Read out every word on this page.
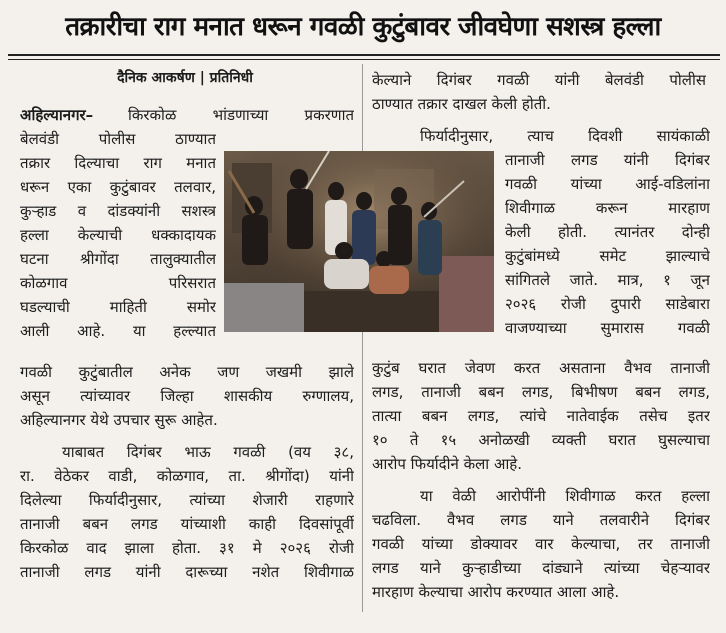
तक्रारीचा राग मनात धरून गवळी कुटुंबावर जीवघेणा सशस्त्र हल्ला
दैनिक आकर्षण | प्रतिनिधी
अहिल्यानगर– किरकोळ भांडणाच्या प्रकरणात
बेलवंडी पोलीस ठाण्यात
तक्रार दिल्याचा राग मनात
धरून एका कुटुंबावर तलवार,
कुऱ्हाड व दांडक्यांनी सशस्त्र
हल्ला केल्याची धक्कादायक
घटना श्रीगोंदा तालुक्यातील
कोळगाव परिसरात
घडल्याची माहिती समोर
आली आहे. या हल्ल्यात
गवळी कुटुंबातील अनेक जण जखमी झाले
असून त्यांच्यावर जिल्हा शासकीय रुग्णालय,
अहिल्यानगर येथे उपचार सुरू आहेत.
याबाबत दिगंबर भाऊ गवळी (वय ३८,
रा. वेठेकर वाडी, कोळगाव, ता. श्रीगोंदा) यांनी
दिलेल्या फिर्यादीनुसार, त्यांच्या शेजारी राहणारे
तानाजी बबन लगड यांच्याशी काही दिवसांपूर्वी
किरकोळ वाद झाला होता. ३१ मे २०२६ रोजी
तानाजी लगड यांनी दारूच्या नशेत शिवीगाळ
केल्याने दिगंबर गवळी यांनी बेलवंडी पोलीस
ठाण्यात तक्रार दाखल केली होती.
फिर्यादीनुसार, त्याच दिवशी सायंकाळी
तानाजी लगड यांनी दिगंबर
गवळी यांच्या आई-वडिलांना
शिवीगाळ करून मारहाण
केली होती. त्यानंतर दोन्ही
कुटुंबांमध्ये समेट झाल्याचे
सांगितले जाते. मात्र, १ जून
२०२६ रोजी दुपारी साडेबारा
वाजण्याच्या सुमारास गवळी
कुटुंब घरात जेवण करत असताना वैभव तानाजी
लगड, तानाजी बबन लगड, बिभीषण बबन लगड,
तात्या बबन लगड, त्यांचे नातेवाईक तसेच इतर
१० ते १५ अनोळखी व्यक्ती घरात घुसल्याचा
आरोप फिर्यादीने केला आहे.
या वेळी आरोपींनी शिवीगाळ करत हल्ला
चढविला. वैभव लगड याने तलवारीने दिगंबर
गवळी यांच्या डोक्यावर वार केल्याचा, तर तानाजी
लगड याने कुऱ्हाडीच्या दांड्याने त्यांच्या चेहऱ्यावर
मारहाण केल्याचा आरोप करण्यात आला आहे.
